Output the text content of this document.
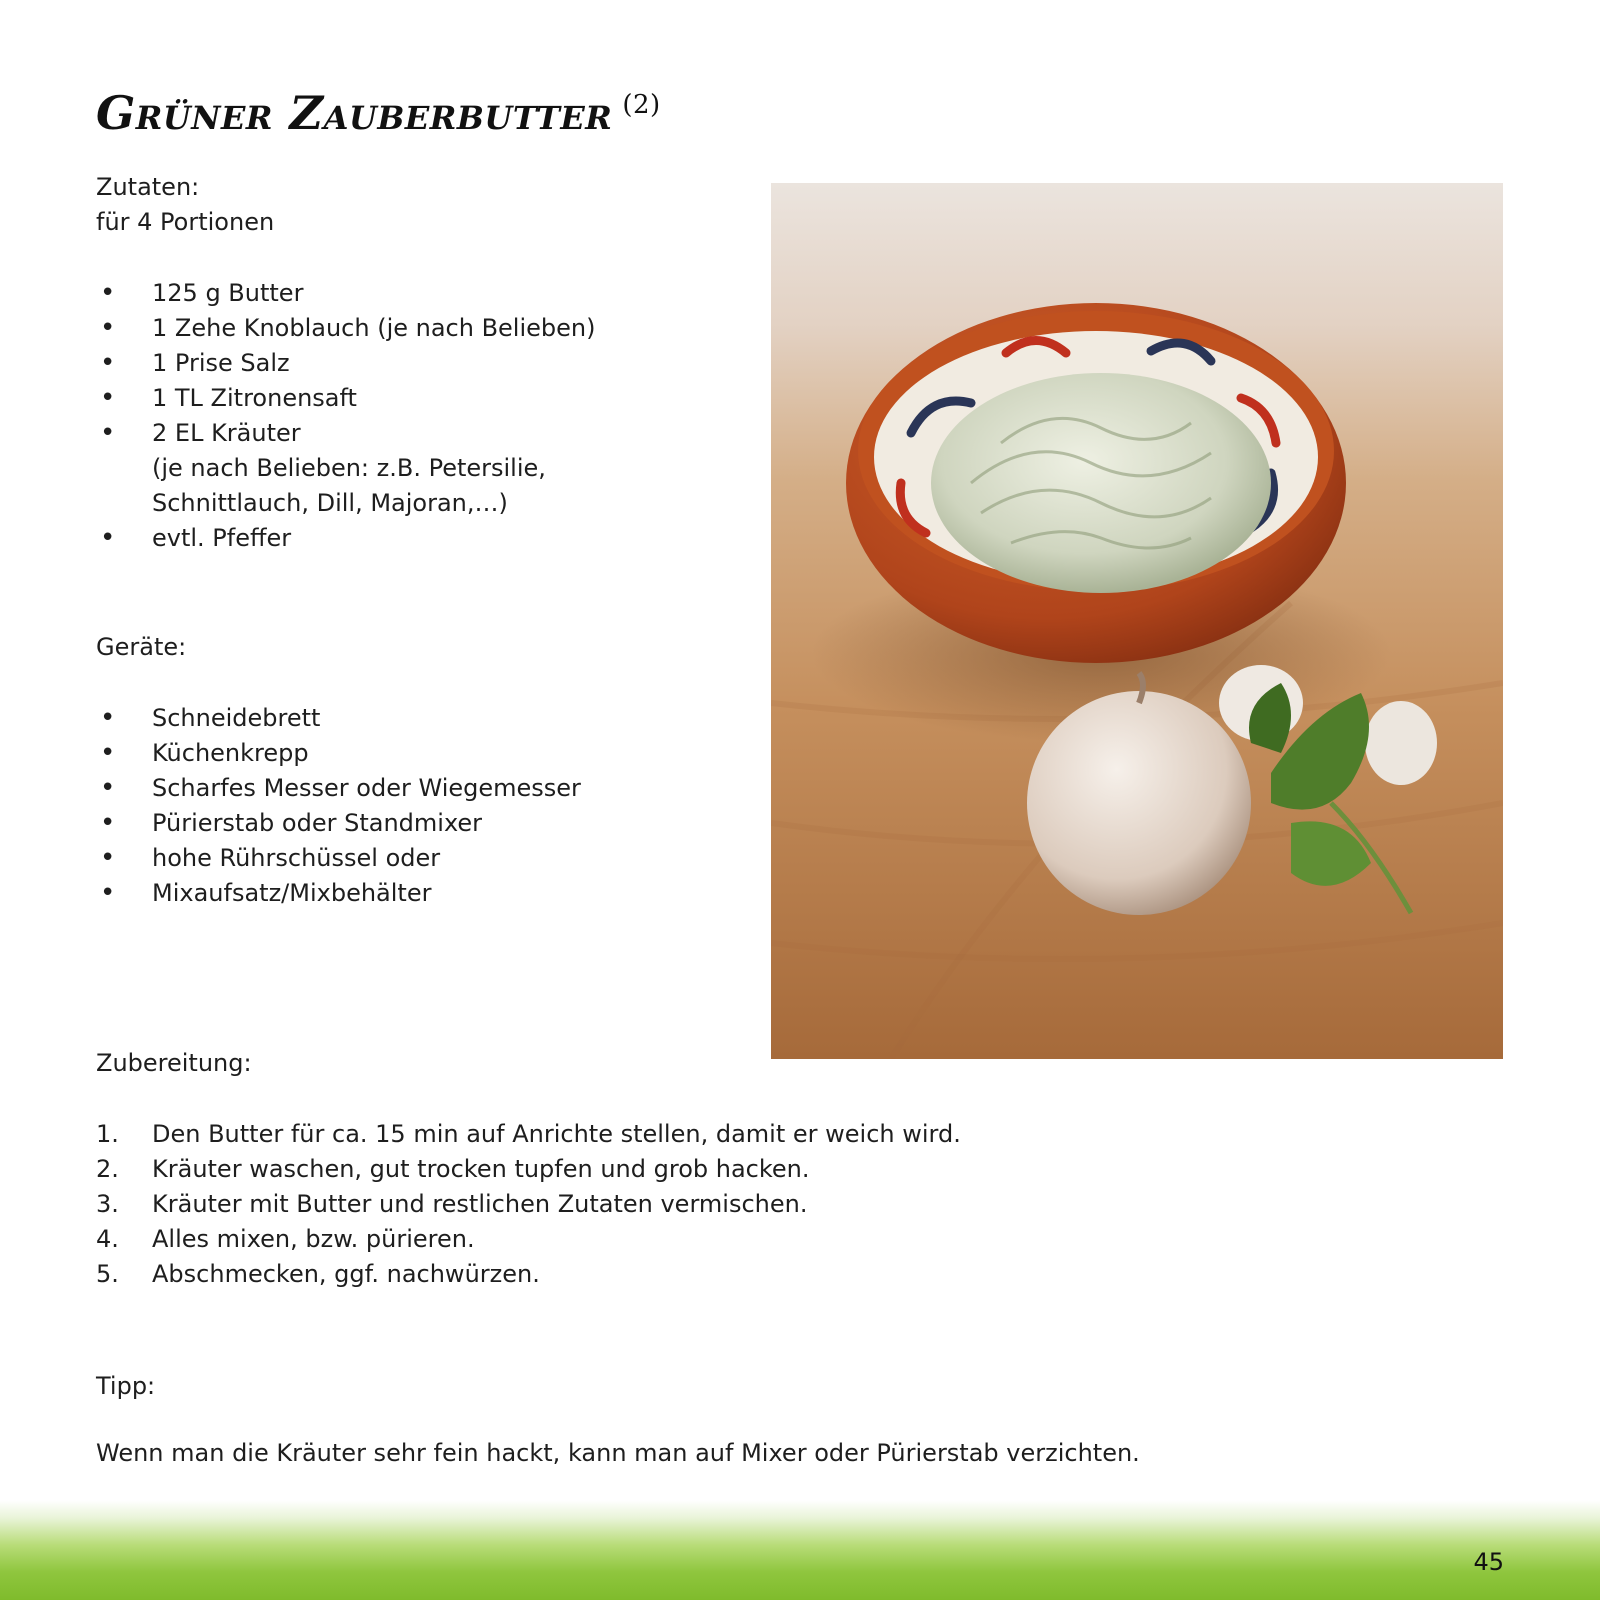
Grüner Zauberbutter $^{(2)}$
Zutaten:
für 4 Portionen
• 125 g Butter
• 1 Zehe Knoblauch (je nach Belieben)
• 1 Prise Salz
• 1 TL Zitronensaft
• 2 EL Kräuter
(je nach Belieben: z.B. Petersilie,
Schnittlauch, Dill, Majoran,…)
• evtl. Pfeffer
Geräte:
• Schneidebrett
• Küchenkrepp
• Scharfes Messer oder Wiegemesser
• Pürierstab oder Standmixer
• hohe Rührschüssel oder
• Mixaufsatz/Mixbehälter
Zubereitung:
1. Den Butter für ca. 15 min auf Anrichte stellen, damit er weich wird.
2. Kräuter waschen, gut trocken tupfen und grob hacken.
3. Kräuter mit Butter und restlichen Zutaten vermischen.
4. Alles mixen, bzw. pürieren.
5. Abschmecken, ggf. nachwürzen.
Tipp:
Wenn man die Kräuter sehr fein hackt, kann man auf Mixer oder Pürierstab verzichten.
45
